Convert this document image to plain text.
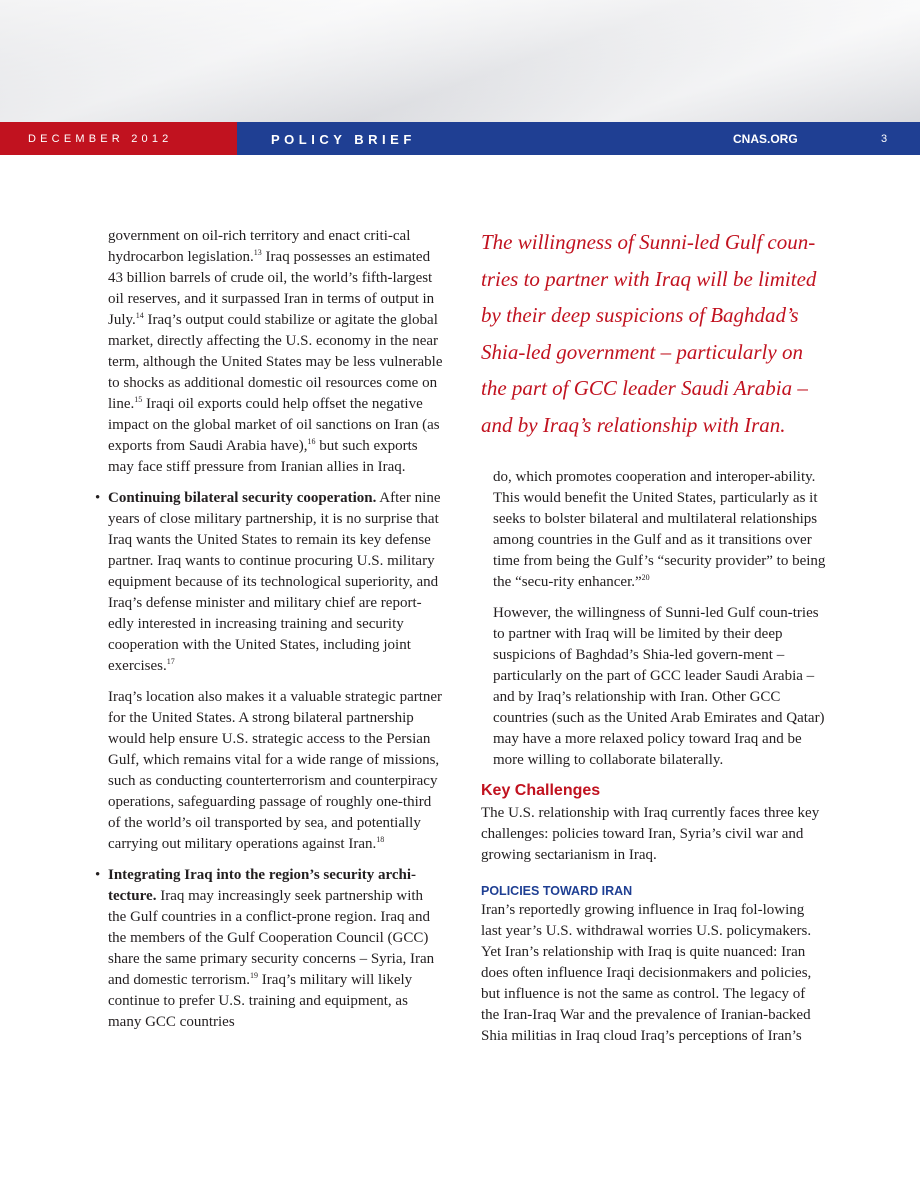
DECEMBER 2012	POLICY BRIEF	CNAS.ORG	3

government on oil-rich territory and enact criti-cal hydrocarbon legislation.$^{13}$ Iraq possesses an estimated 43 billion barrels of crude oil, the world’s fifth-largest oil reserves, and it surpassed Iran in terms of output in July.$^{14}$ Iraq’s output could stabilize or agitate the global market, directly affecting the U.S. economy in the near term, although the United States may be less vulnerable to shocks as additional domestic oil resources come on line.$^{15}$ Iraqi oil exports could help offset the negative impact on the global market of oil sanctions on Iran (as exports from Saudi Arabia have),$^{16}$ but such exports may face stiff pressure from Iranian allies in Iraq.

• Continuing bilateral security cooperation. After nine years of close military partnership, it is no surprise that Iraq wants the United States to remain its key defense partner. Iraq wants to continue procuring U.S. military equipment because of its technological superiority, and Iraq’s defense minister and military chief are report-edly interested in increasing training and security cooperation with the United States, including joint exercises.$^{17}$

Iraq’s location also makes it a valuable strategic partner for the United States. A strong bilateral partnership would help ensure U.S. strategic access to the Persian Gulf, which remains vital for a wide range of missions, such as conducting counterterrorism and counterpiracy operations, safeguarding passage of roughly one-third of the world’s oil transported by sea, and potentially carrying out military operations against Iran.$^{18}$

• Integrating Iraq into the region’s security archi-tecture. Iraq may increasingly seek partnership with the Gulf countries in a conflict-prone region. Iraq and the members of the Gulf Cooperation Council (GCC) share the same primary security concerns – Syria, Iran and domestic terrorism.$^{19}$ Iraq’s military will likely continue to prefer U.S. training and equipment, as many GCC countries

The willingness of Sunni-led Gulf coun-tries to partner with Iraq will be limited by their deep suspicions of Baghdad’s Shia-led government – particularly on the part of GCC leader Saudi Arabia – and by Iraq’s relationship with Iran.

do, which promotes cooperation and interoper-ability. This would benefit the United States, particularly as it seeks to bolster bilateral and multilateral relationships among countries in the Gulf and as it transitions over time from being the Gulf’s “security provider” to being the “secu-rity enhancer.”$^{20}$

However, the willingness of Sunni-led Gulf coun-tries to partner with Iraq will be limited by their deep suspicions of Baghdad’s Shia-led govern-ment – particularly on the part of GCC leader Saudi Arabia – and by Iraq’s relationship with Iran. Other GCC countries (such as the United Arab Emirates and Qatar) may have a more relaxed policy toward Iraq and be more willing to collaborate bilaterally.

Key Challenges

The U.S. relationship with Iraq currently faces three key challenges: policies toward Iran, Syria’s civil war and growing sectarianism in Iraq.

POLICIES TOWARD IRAN

Iran’s reportedly growing influence in Iraq fol-lowing last year’s U.S. withdrawal worries U.S. policymakers. Yet Iran’s relationship with Iraq is quite nuanced: Iran does often influence Iraqi decisionmakers and policies, but influence is not the same as control. The legacy of the Iran-Iraq War and the prevalence of Iranian-backed Shia militias in Iraq cloud Iraq’s perceptions of Iran’s
